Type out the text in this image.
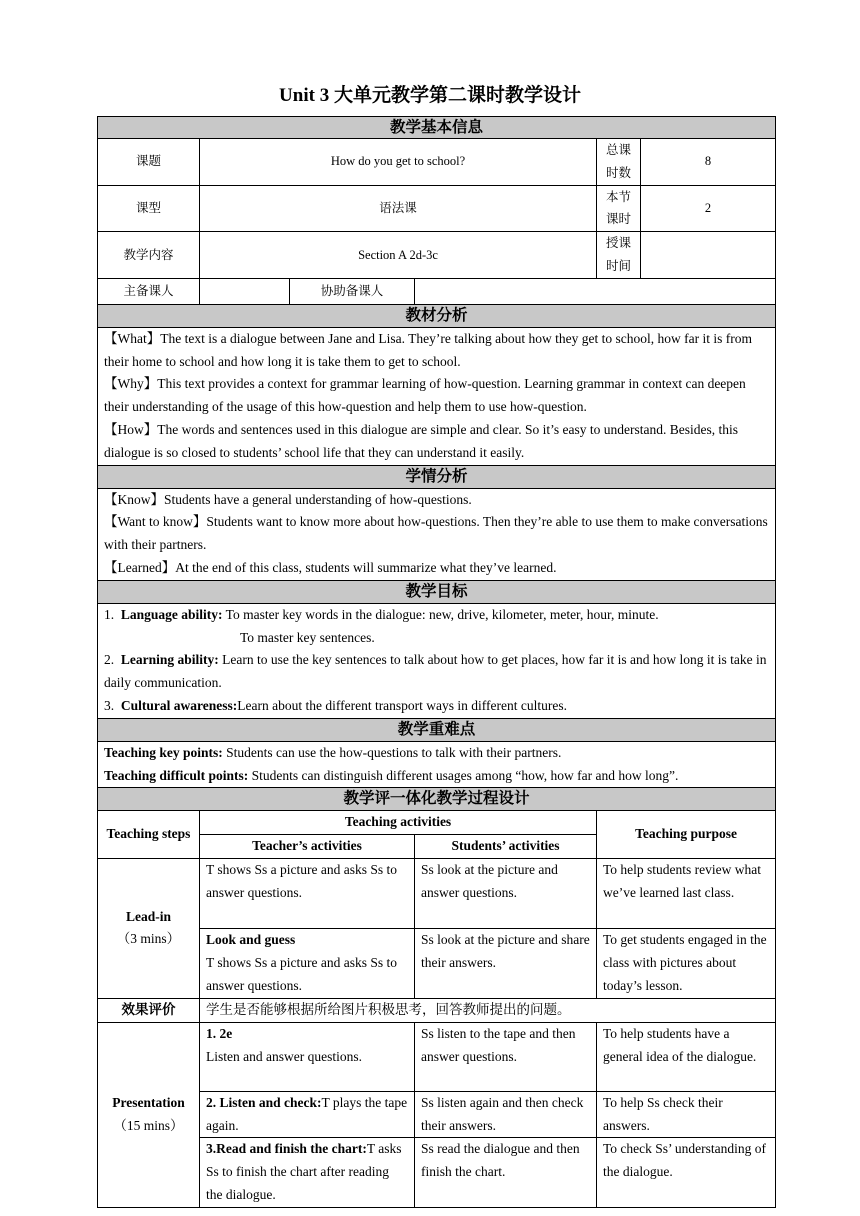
Unit 3 大单元教学第二课时教学设计
教学基本信息					
课题	How do you get to school?			总课时数	8
课型	语法课			本节课时	2
教学内容	Section A 2d-3c			授课时间	
主备课人		协助备课人			
教材分析					

【What】The text is a dialogue between Jane and Lisa. They’re talking about how they get to school, how far it is from their home to school and how long it is take them to get to school.
【Why】This text provides a context for grammar learning of how-question. Learning grammar in context can deepen their understanding of the usage of this how-question and help them to use how-question.
【How】The words and sentences used in this dialogue are simple and clear. So it’s easy to understand. Besides, this dialogue is so closed to students’ school life that they can understand it easily.					

学情分析					

【Know】Students have a general understanding of how-questions.
【Want to know】Students want to know more about how-questions. Then they’re able to use them to make conversations with their partners.
【Learned】At the end of this class, students will summarize what they’ve learned.					

教学目标					

1. Language ability: To master key words in the dialogue: new, drive, kilometer, meter, hour, minute.
To master key sentences.
2. Learning ability: Learn to use the key sentences to talk about how to get places, how far it is and how long it is take in daily communication.
3. Cultural awareness:Learn about the different transport ways in different cultures.					

教学重难点					

Teaching key points: Students can use the how-questions to talk with their partners.
Teaching difficult points: Students can distinguish different usages among “how, how far and how long”.					

教学评一体化教学过程设计					
Teaching steps	Teaching activities			Teaching purpose	
	Teacher’s activities		Students’ activities		

Lead-in
（3 mins）	T shows Ss a picture and asks Ss to answer questions.		Ss look at the picture and answer questions.	To help students review what we’ve learned last class.	

	Look and guess
T shows Ss a picture and asks Ss to answer questions.		Ss look at the picture and share their answers.	To get students engaged in the class with pictures about today’s lesson.	
效果评价	学生是否能够根据所给图片积极思考，回答教师提出的问题。				

Presentation
（15 mins）	1. 2e
Listen and answer questions.		Ss listen to the tape and then answer questions.	To help students have a general idea of the dialogue.	
	2. Listen and check:T plays the tape again.		Ss listen again and then check their answers.	To help Ss check their answers.	
	3.Read and finish the chart:T asks Ss to finish the chart after reading the dialogue.		Ss read the dialogue and then finish the chart.	To check Ss’ understanding of the dialogue.	
